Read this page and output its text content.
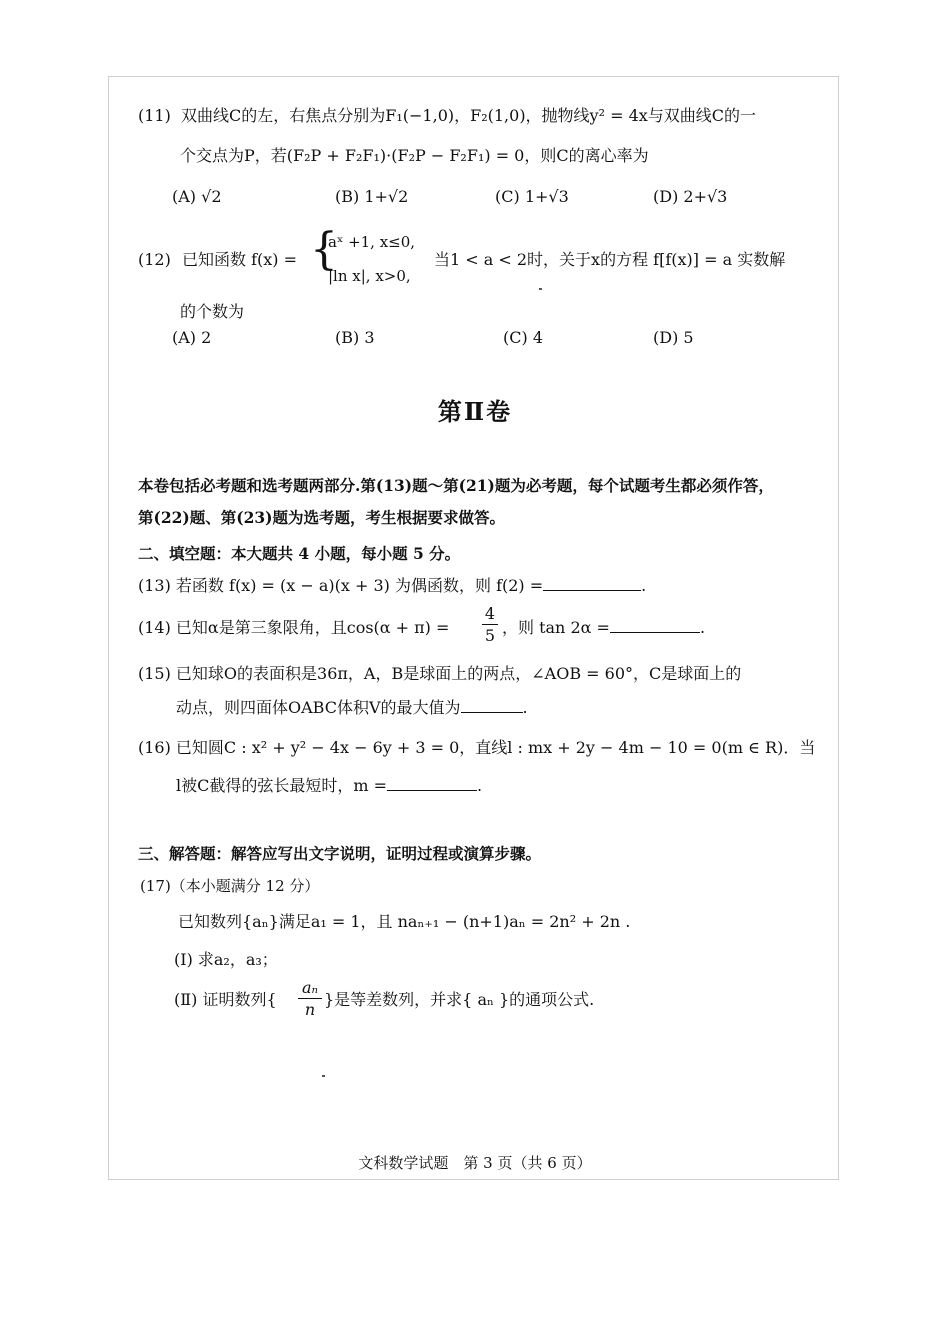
(11) 双曲线C的左，右焦点分别为F₁(−1,0)，F₂(1,0)，抛物线y² = 4x与双曲线C的一
个交点为P，若(F₂P + F₂F₁)·(F₂P − F₂F₁) = 0，则C的离心率为
(A) √2	(B) 1+√2	(C) 1+√3	(D) 2+√3
(12) 已知函数 f(x) = {
aˣ +1, x≤0,
|ln x|, x>0,
当1 < a < 2时，关于x的方程 f[f(x)] = a 实数解
的个数为
(A) 2	(B) 3	(C) 4	(D) 5
第Ⅱ卷
本卷包括必考题和选考题两部分.第(13)题～第(21)题为必考题，每个试题考生都必须作答，
第(22)题、第(23)题为选考题，考生根据要求做答。
二、填空题：本大题共 4 小题，每小题 5 分。
(13) 若函数 f(x) = (x − a)(x + 3) 为偶函数，则 f(2) =	.
(14) 已知α是第三象限角，且cos(α + π) =
4
5 ，则 tan 2α =	.
(15) 已知球O的表面积是36π，A，B是球面上的两点，∠AOB = 60°，C是球面上的
动点，则四面体OABC体积V的最大值为	.
(16) 已知圆C : x² + y² − 4x − 6y + 3 = 0，直线l : mx + 2y − 4m − 10 = 0(m ∈ R)．当
l被C截得的弦长最短时，m =	.
三、解答题：解答应写出文字说明，证明过程或演算步骤。
(17)（本小题满分 12 分）
已知数列{aₙ}满足a₁ = 1，且 naₙ₊₁ − (n+1)aₙ = 2n² + 2n .
(Ⅰ) 求a₂，a₃；
(Ⅱ) 证明数列{
aₙ
n
}是等差数列，并求{ aₙ }的通项公式.
文科数学试题　第 3 页（共 6 页）
